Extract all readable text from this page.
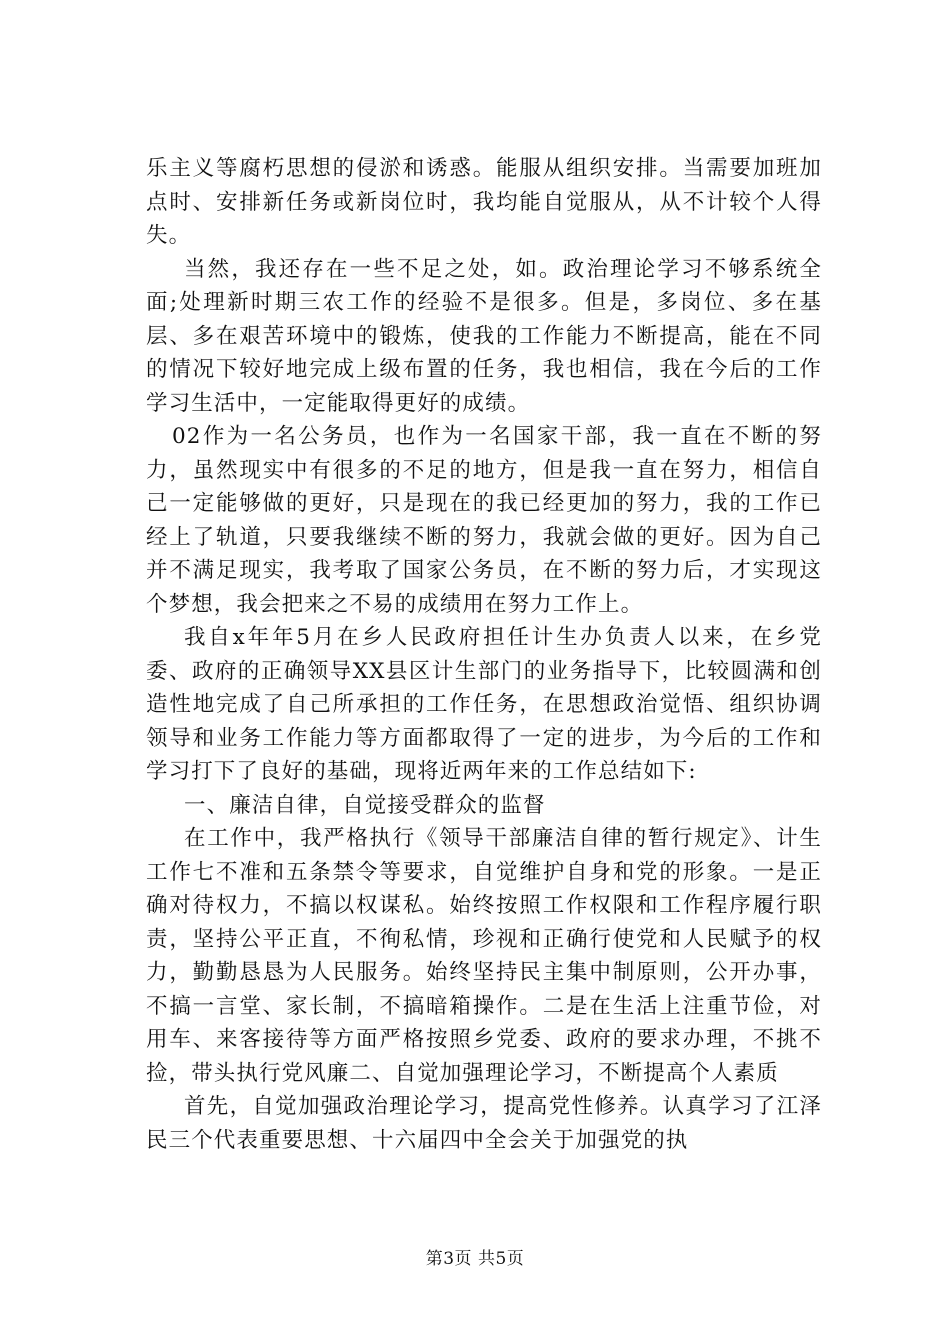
乐主义等腐朽思想的侵淤和诱惑。能服从组织安排。当需要加班加点时、安排新任务或新岗位时，我均能自觉服从，从不计较个人得失。

当然，我还存在一些不足之处，如。政治理论学习不够系统全面;处理新时期三农工作的经验不是很多。但是，多岗位、多在基层、多在艰苦环境中的锻炼，使我的工作能力不断提高，能在不同的情况下较好地完成上级布置的任务，我也相信，我在今后的工作学习生活中，一定能取得更好的成绩。

02作为一名公务员，也作为一名国家干部，我一直在不断的努力，虽然现实中有很多的不足的地方，但是我一直在努力，相信自己一定能够做的更好，只是现在的我已经更加的努力，我的工作已经上了轨道，只要我继续不断的努力，我就会做的更好。因为自己并不满足现实，我考取了国家公务员，在不断的努力后，才实现这个梦想，我会把来之不易的成绩用在努力工作上。

我自x年年5月在乡人民政府担任计生办负责人以来，在乡党委、政府的正确领导XX县区计生部门的业务指导下，比较圆满和创造性地完成了自己所承担的工作任务，在思想政治觉悟、组织协调领导和业务工作能力等方面都取得了一定的进步，为今后的工作和学习打下了良好的基础，现将近两年来的工作总结如下:

一、廉洁自律，自觉接受群众的监督

在工作中，我严格执行《领导干部廉洁自律的暂行规定》、计生工作七不准和五条禁令等要求，自觉维护自身和党的形象。一是正确对待权力，不搞以权谋私。始终按照工作权限和工作程序履行职责，坚持公平正直，不徇私情，珍视和正确行使党和人民赋予的权力，勤勤恳恳为人民服务。始终坚持民主集中制原则，公开办事，不搞一言堂、家长制，不搞暗箱操作。二是在生活上注重节俭，对用车、来客接待等方面严格按照乡党委、政府的要求办理，不挑不捡，带头执行党风廉二、自觉加强理论学习，不断提高个人素质

首先，自觉加强政治理论学习，提高党性修养。认真学习了江泽民三个代表重要思想、十六届四中全会关于加强党的执

第3页 共5页
